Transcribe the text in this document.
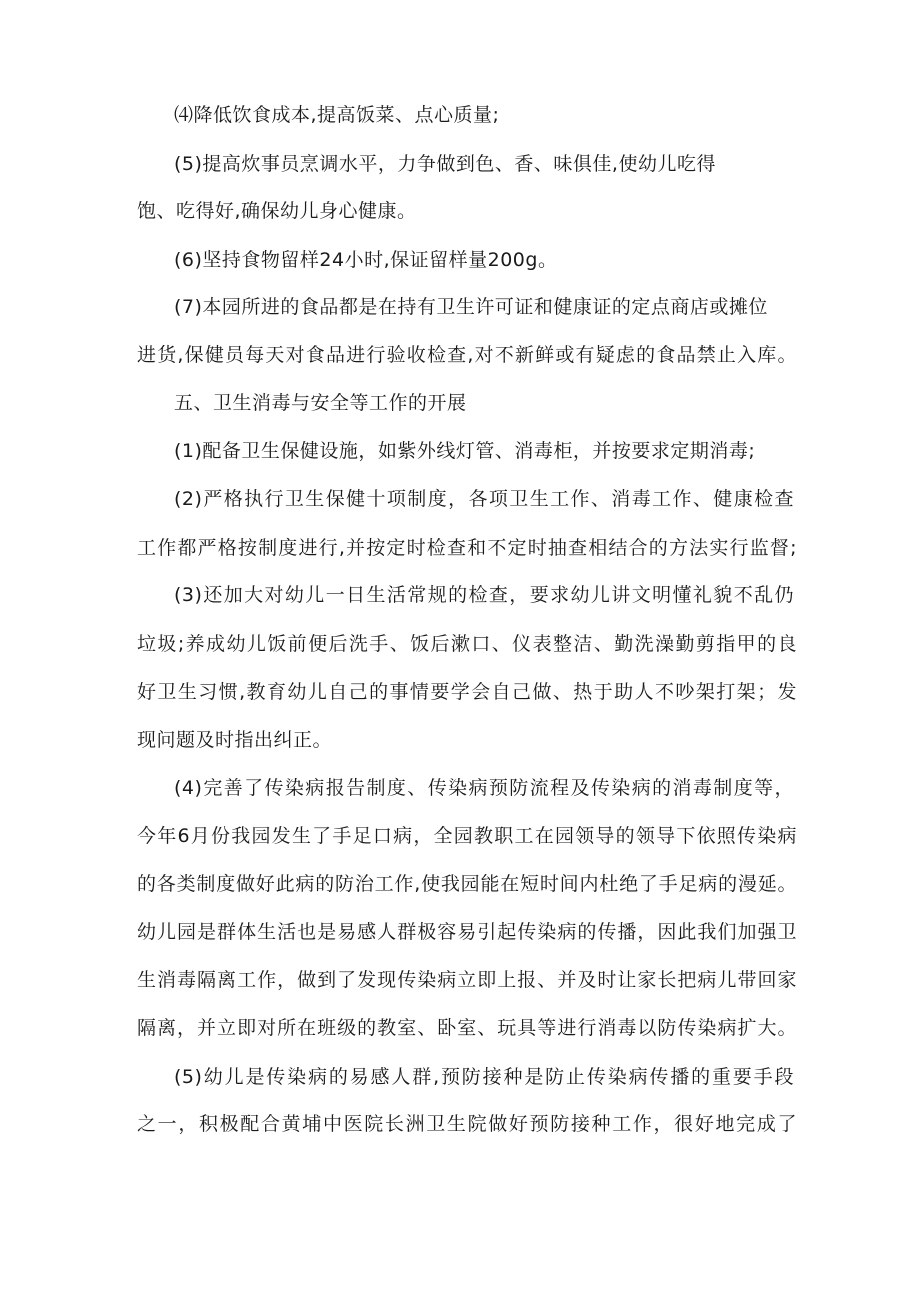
⑷降低饮食成本,提高饭菜、点心质量;
(5)提高炊事员烹调水平，力争做到色、香、味俱佳,使幼儿吃得
饱、吃得好,确保幼儿身心健康。
(6)坚持食物留样24小时,保证留样量200g。
(7)本园所进的食品都是在持有卫生许可证和健康证的定点商店或摊位
进货,保健员每天对食品进行验收检查,对不新鲜或有疑虑的食品禁止入库。
五、卫生消毒与安全等工作的开展
(1)配备卫生保健设施，如紫外线灯管、消毒柜，并按要求定期消毒;
(2)严格执行卫生保健十项制度，各项卫生工作、消毒工作、健康检查
工作都严格按制度进行,并按定时检查和不定时抽查相结合的方法实行监督;
(3)还加大对幼儿一日生活常规的检查，要求幼儿讲文明懂礼貌不乱仍
垃圾;养成幼儿饭前便后洗手、饭后漱口、仪表整洁、勤洗澡勤剪指甲的良
好卫生习惯,教育幼儿自己的事情要学会自己做、热于助人不吵架打架；发
现问题及时指出纠正。
(4)完善了传染病报告制度、传染病预防流程及传染病的消毒制度等，
今年6月份我园发生了手足口病，全园教职工在园领导的领导下依照传染病
的各类制度做好此病的防治工作,使我园能在短时间内杜绝了手足病的漫延。
幼儿园是群体生活也是易感人群极容易引起传染病的传播，因此我们加强卫
生消毒隔离工作，做到了发现传染病立即上报、并及时让家长把病儿带回家
隔离，并立即对所在班级的教室、卧室、玩具等进行消毒以防传染病扩大。
(5)幼儿是传染病的易感人群,预防接种是防止传染病传播的重要手段
之一，积极配合黄埔中医院长洲卫生院做好预防接种工作，很好地完成了
